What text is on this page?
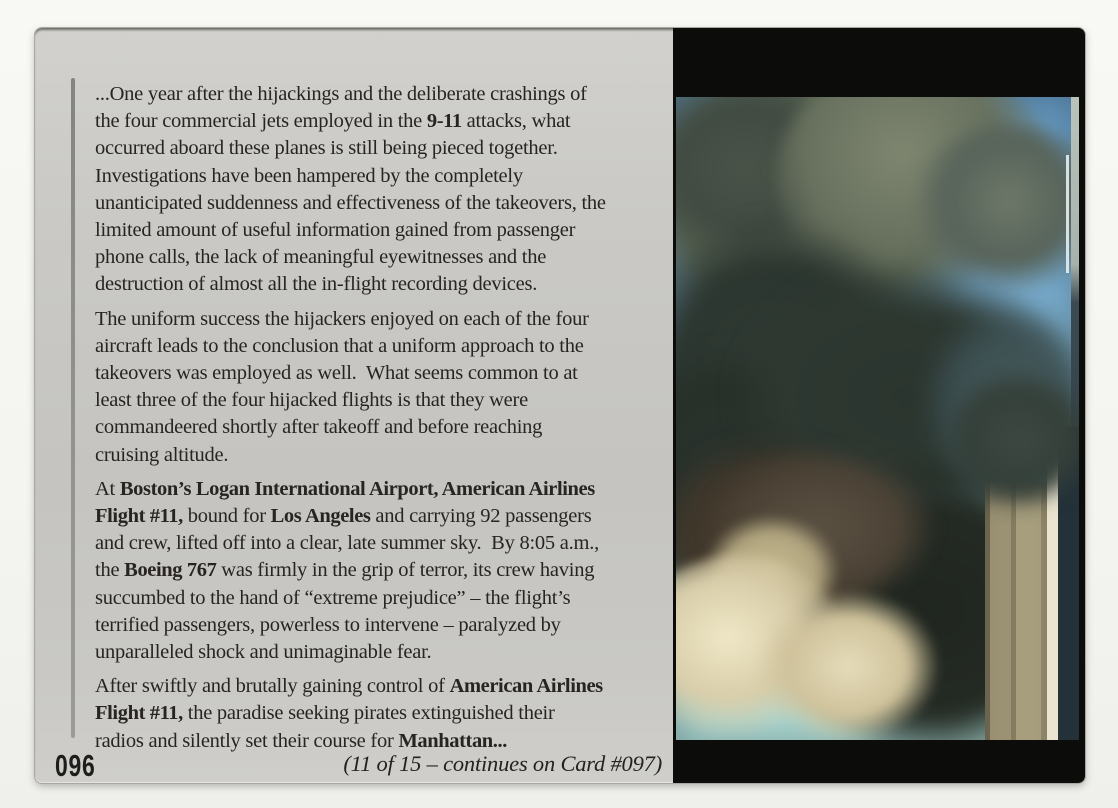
...One year after the hijackings and the deliberate crashings of
the four commercial jets employed in the 9-11 attacks, what
occurred aboard these planes is still being pieced together.
Investigations have been hampered by the completely
unanticipated suddenness and effectiveness of the takeovers, the
limited amount of useful information gained from passenger
phone calls, the lack of meaningful eyewitnesses and the
destruction of almost all the in-flight recording devices.
The uniform success the hijackers enjoyed on each of the four
aircraft leads to the conclusion that a uniform approach to the
takeovers was employed as well.  What seems common to at
least three of the four hijacked flights is that they were
commandeered shortly after takeoff and before reaching
cruising altitude.
At Boston’s Logan International Airport, American Airlines
Flight #11, bound for Los Angeles and carrying 92 passengers
and crew, lifted off into a clear, late summer sky.  By 8:05 a.m.,
the Boeing 767 was firmly in the grip of terror, its crew having
succumbed to the hand of “extreme prejudice” – the flight’s
terrified passengers, powerless to intervene – paralyzed by
unparalleled shock and unimaginable fear.
After swiftly and brutally gaining control of American Airlines
Flight #11, the paradise seeking pirates extinguished their
radios and silently set their course for Manhattan...
096	(11 of 15 – continues on Card #097)
